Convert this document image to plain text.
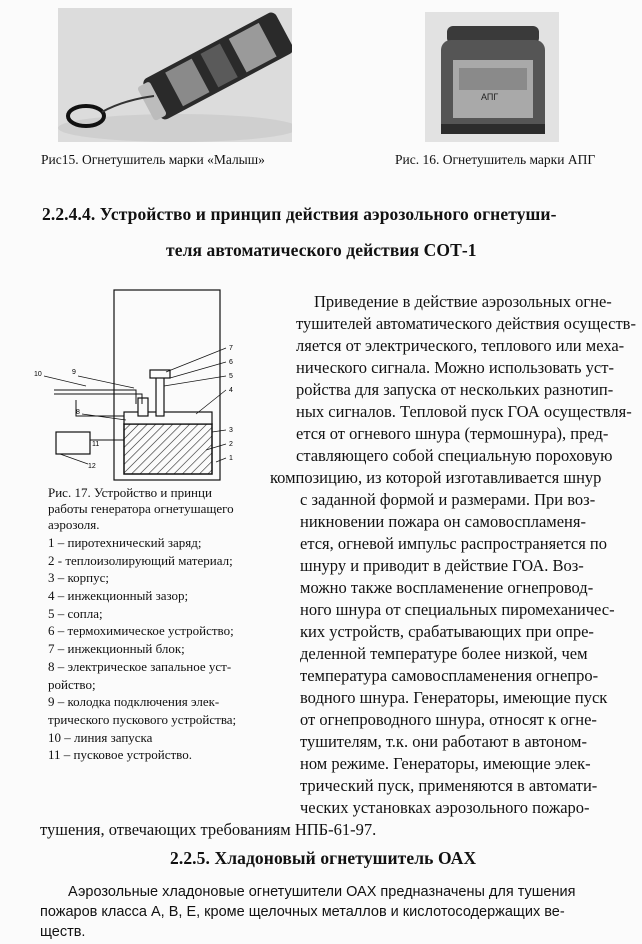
Рис15. Огнетушитель марки «Малыш»
АПГ
Рис. 16. Огнетушитель марки АПГ
2.2.4.4. Устройство и принцип действия аэрозольного огнетуши-
теля автоматического действия СОТ-1
10	9
8
11
12
7
6
5
4
3
2
1
Рис. 17. Устройство и принци
работы генератора огнетушащего
аэрозоля.
1 – пиротехнический заряд;
2 - теплоизолирующий материал;
3 – корпус;
4 – инжекционный зазор;
5 – сопла;
6 – термохимическое устройство;
7 – инжекционный блок;
8 – электрическое запальное уст-
ройство;
9 – колодка подключения элек-
трического пускового устройства;
10 – линия запуска
11 – пусковое устройство.
Приведение в действие аэрозольных огне-
тушителей автоматического действия осуществ-
ляется от электрического, теплового или меха-
нического сигнала. Можно использовать уст-
ройства для запуска от нескольких разнотип-
ных сигналов. Тепловой пуск ГОА осуществля-
ется от огневого шнура (термошнура), пред-
ставляющего собой специальную пороховую
композицию, из которой изготавливается шнур
с заданной формой и размерами. При воз-
никновении пожара он самовоспламеня-
ется, огневой импульс распространяется по
шнуру и приводит в действие ГОА. Воз-
можно также воспламенение огнепровод-
ного шнура от специальных пиромеханичес-
ких устройств, срабатывающих при опре-
деленной температуре более низкой, чем
температура самовоспламенения огнепро-
водного шнура. Генераторы, имеющие пуск
от огнепроводного шнура, относят к огне-
тушителям, т.к. они работают в автоном-
ном режиме. Генераторы, имеющие элек-
трический пуск, применяются в автомати-
ческих установках аэрозольного пожаро-
тушения, отвечающих требованиям НПБ-61-97.
2.2.5. Хладоновый огнетушитель ОАХ
Аэрозольные хладоновые огнетушители ОАХ предназначены для тушения
пожаров класса А, В, Е, кроме щелочных металлов и кислотосодержащих ве-
ществ.
